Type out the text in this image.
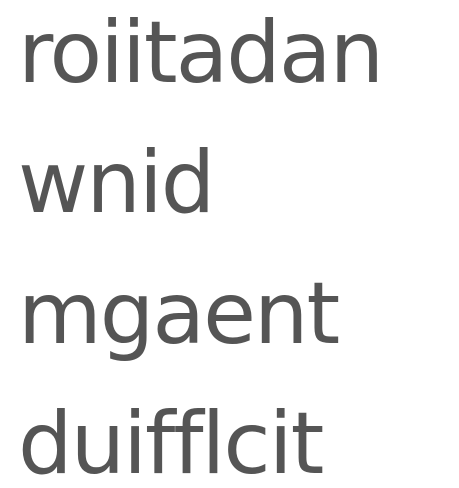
roiitadan

wnid

mgaent

duifflcit
